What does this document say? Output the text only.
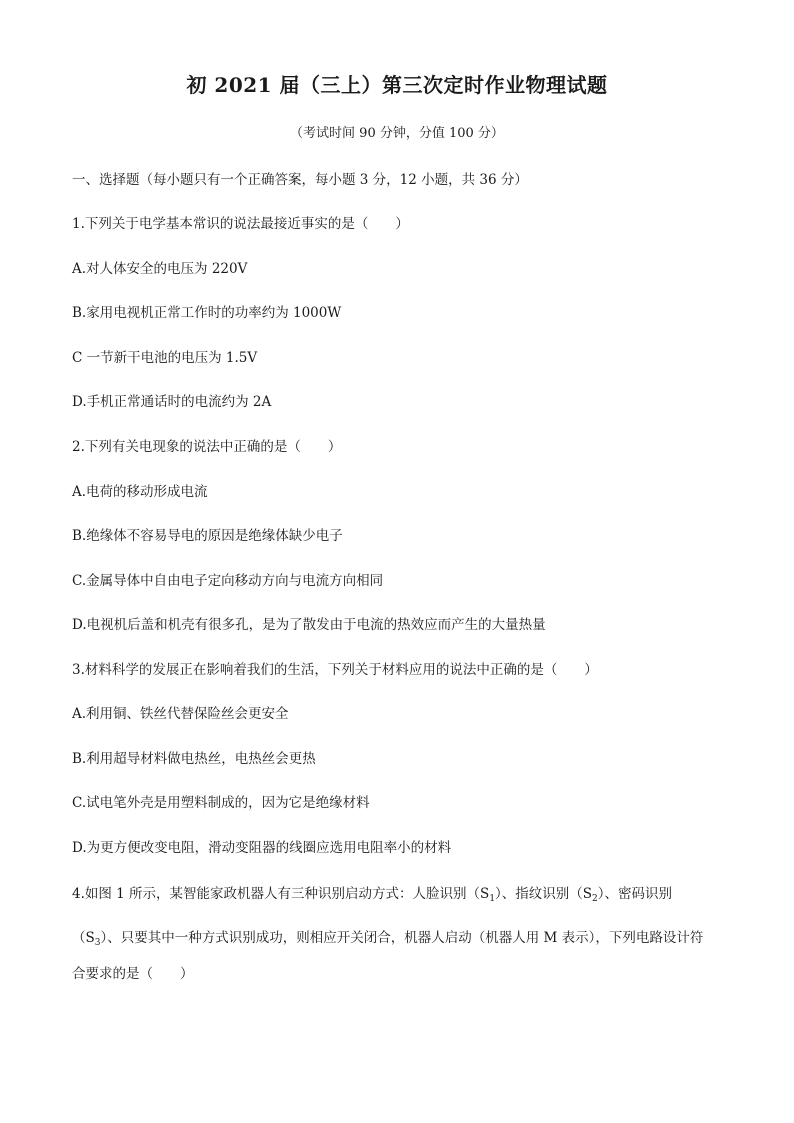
初 2021 届（三上）第三次定时作业物理试题
（考试时间 90 分钟，分值 100 分）
一、选择题（每小题只有一个正确答案，每小题 3 分，12 小题，共 36 分）
1.下列关于电学基本常识的说法最接近事实的是（　　）
A.对人体安全的电压为 220V
B.家用电视机正常工作时的功率约为 1000W
C 一节新干电池的电压为 1.5V
D.手机正常通话时的电流约为 2A
2.下列有关电现象的说法中正确的是（　　）
A.电荷的移动形成电流
B.绝缘体不容易导电的原因是绝缘体缺少电子
C.金属导体中自由电子定向移动方向与电流方向相同
D.电视机后盖和机壳有很多孔，是为了散发由于电流的热效应而产生的大量热量
3.材料科学的发展正在影响着我们的生活，下列关于材料应用的说法中正确的是（　　）
A.利用铜、铁丝代替保险丝会更安全
B.利用超导材料做电热丝，电热丝会更热
C.试电笔外壳是用塑料制成的，因为它是绝缘材料
D.为更方便改变电阻，滑动变阻器的线圈应选用电阻率小的材料
4.如图 1 所示，某智能家政机器人有三种识别启动方式：人脸识别$(S_1)$、指纹识别$(S_2)$、密码识别
$(S_3)$、只要其中一种方式识别成功，则相应开关闭合，机器人启动（机器人用 M 表示），下列电路设计符
合要求的是（　　）
